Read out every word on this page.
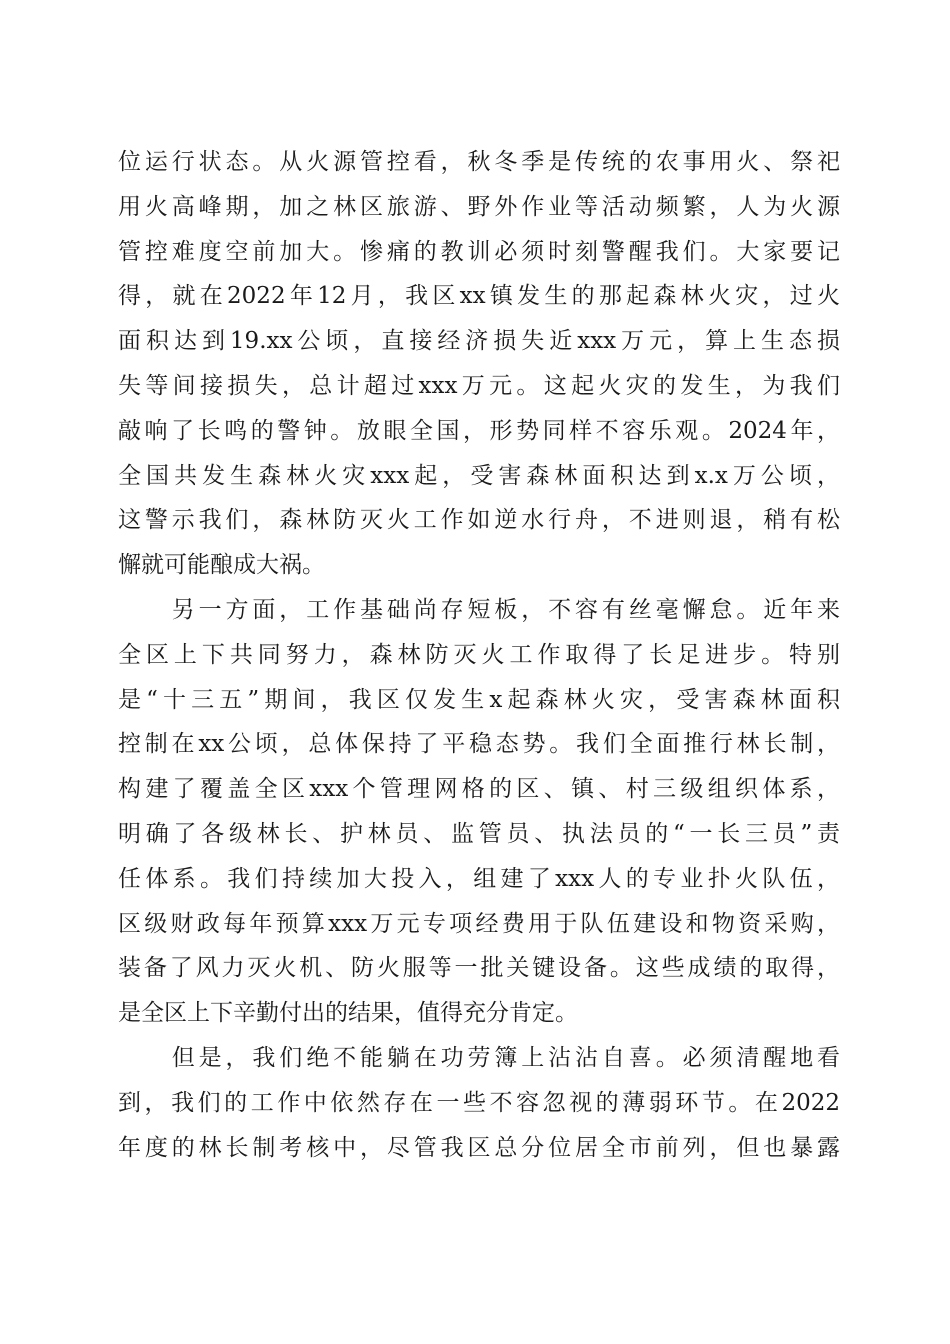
位运行状态。从火源管控看，秋冬季是传统的农事用火、祭祀
用火高峰期，加之林区旅游、野外作业等活动频繁，人为火源
管控难度空前加大。惨痛的教训必须时刻警醒我们。大家要记
得，就在2022年12月，我区xx镇发生的那起森林火灾，过火
面积达到19.xx公顷，直接经济损失近xxx万元，算上生态损
失等间接损失，总计超过xxx万元。这起火灾的发生，为我们
敲响了长鸣的警钟。放眼全国，形势同样不容乐观。2024年，
全国共发生森林火灾xxx起，受害森林面积达到x.x万公顷，
这警示我们，森林防灭火工作如逆水行舟，不进则退，稍有松
懈就可能酿成大祸。
　　另一方面，工作基础尚存短板，不容有丝毫懈怠。近年来
全区上下共同努力，森林防灭火工作取得了长足进步。特别
是“十三五”期间，我区仅发生x起森林火灾，受害森林面积
控制在xx公顷，总体保持了平稳态势。我们全面推行林长制，
构建了覆盖全区xxx个管理网格的区、镇、村三级组织体系，
明确了各级林长、护林员、监管员、执法员的“一长三员”责
任体系。我们持续加大投入，组建了xxx人的专业扑火队伍，
区级财政每年预算xxx万元专项经费用于队伍建设和物资采购，
装备了风力灭火机、防火服等一批关键设备。这些成绩的取得，
是全区上下辛勤付出的结果，值得充分肯定。
　　但是，我们绝不能躺在功劳簿上沾沾自喜。必须清醒地看
到，我们的工作中依然存在一些不容忽视的薄弱环节。在2022
年度的林长制考核中，尽管我区总分位居全市前列，但也暴露
